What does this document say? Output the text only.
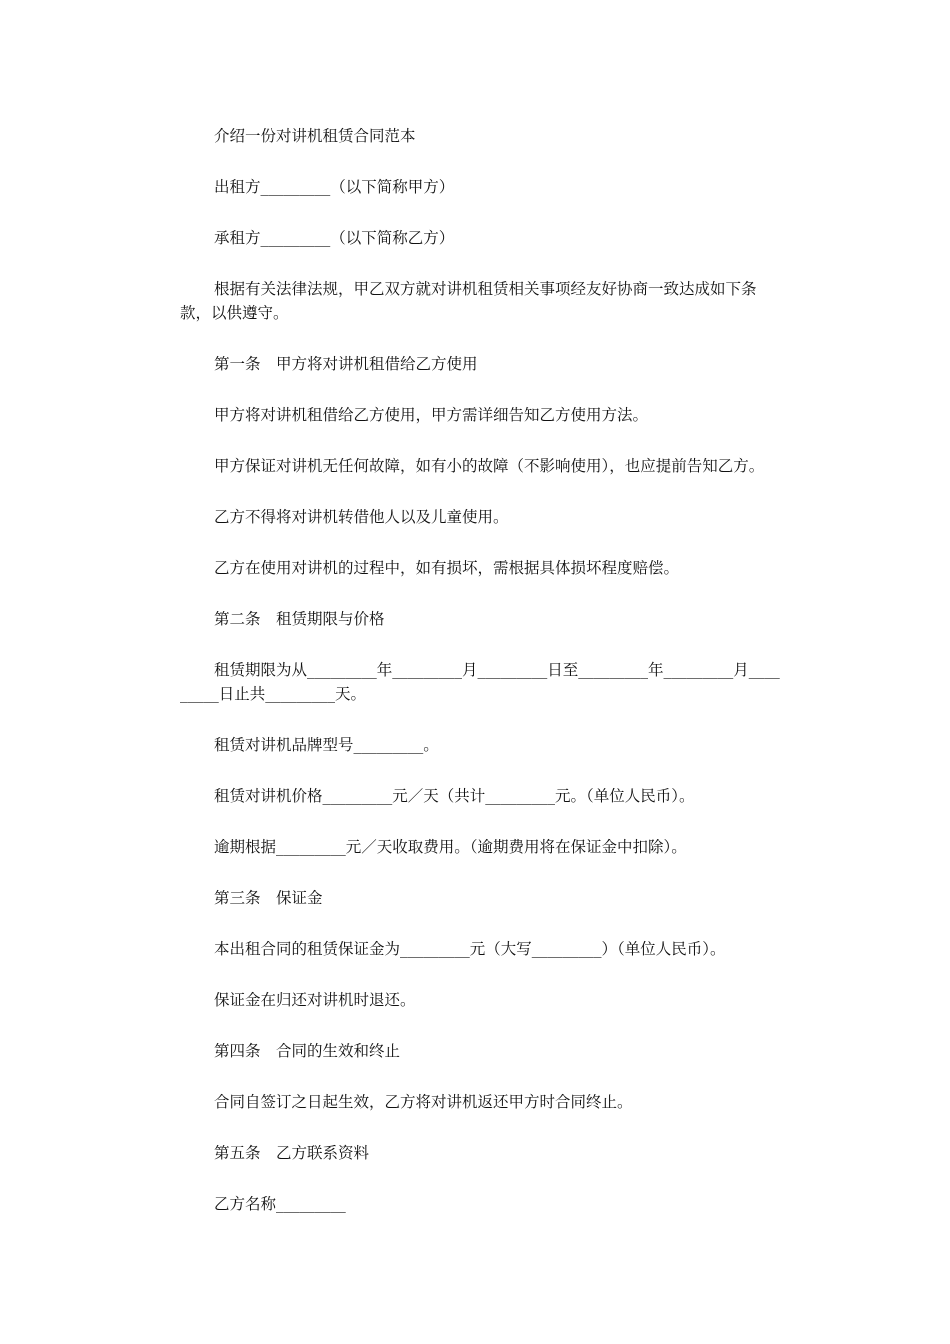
介绍一份对讲机租赁合同范本

出租方_________（以下简称甲方）

承租方_________（以下简称乙方）

根据有关法律法规，甲乙双方就对讲机租赁相关事项经友好协商一致达成如下条款，以供遵守。

第一条　甲方将对讲机租借给乙方使用

甲方将对讲机租借给乙方使用，甲方需详细告知乙方使用方法。

甲方保证对讲机无任何故障，如有小的故障（不影响使用），也应提前告知乙方。

乙方不得将对讲机转借他人以及儿童使用。

乙方在使用对讲机的过程中，如有损坏，需根据具体损坏程度赔偿。

第二条　租赁期限与价格

租赁期限为从_________年_________月_________日至_________年_________月_________日止共_________天。

租赁对讲机品牌型号_________。

租赁对讲机价格_________元／天（共计_________元。（单位人民币）。

逾期根据_________元／天收取费用。（逾期费用将在保证金中扣除）。

第三条　保证金

本出租合同的租赁保证金为_________元（大写_________）（单位人民币）。

保证金在归还对讲机时退还。

第四条　合同的生效和终止

合同自签订之日起生效，乙方将对讲机返还甲方时合同终止。

第五条　乙方联系资料

乙方名称_________
